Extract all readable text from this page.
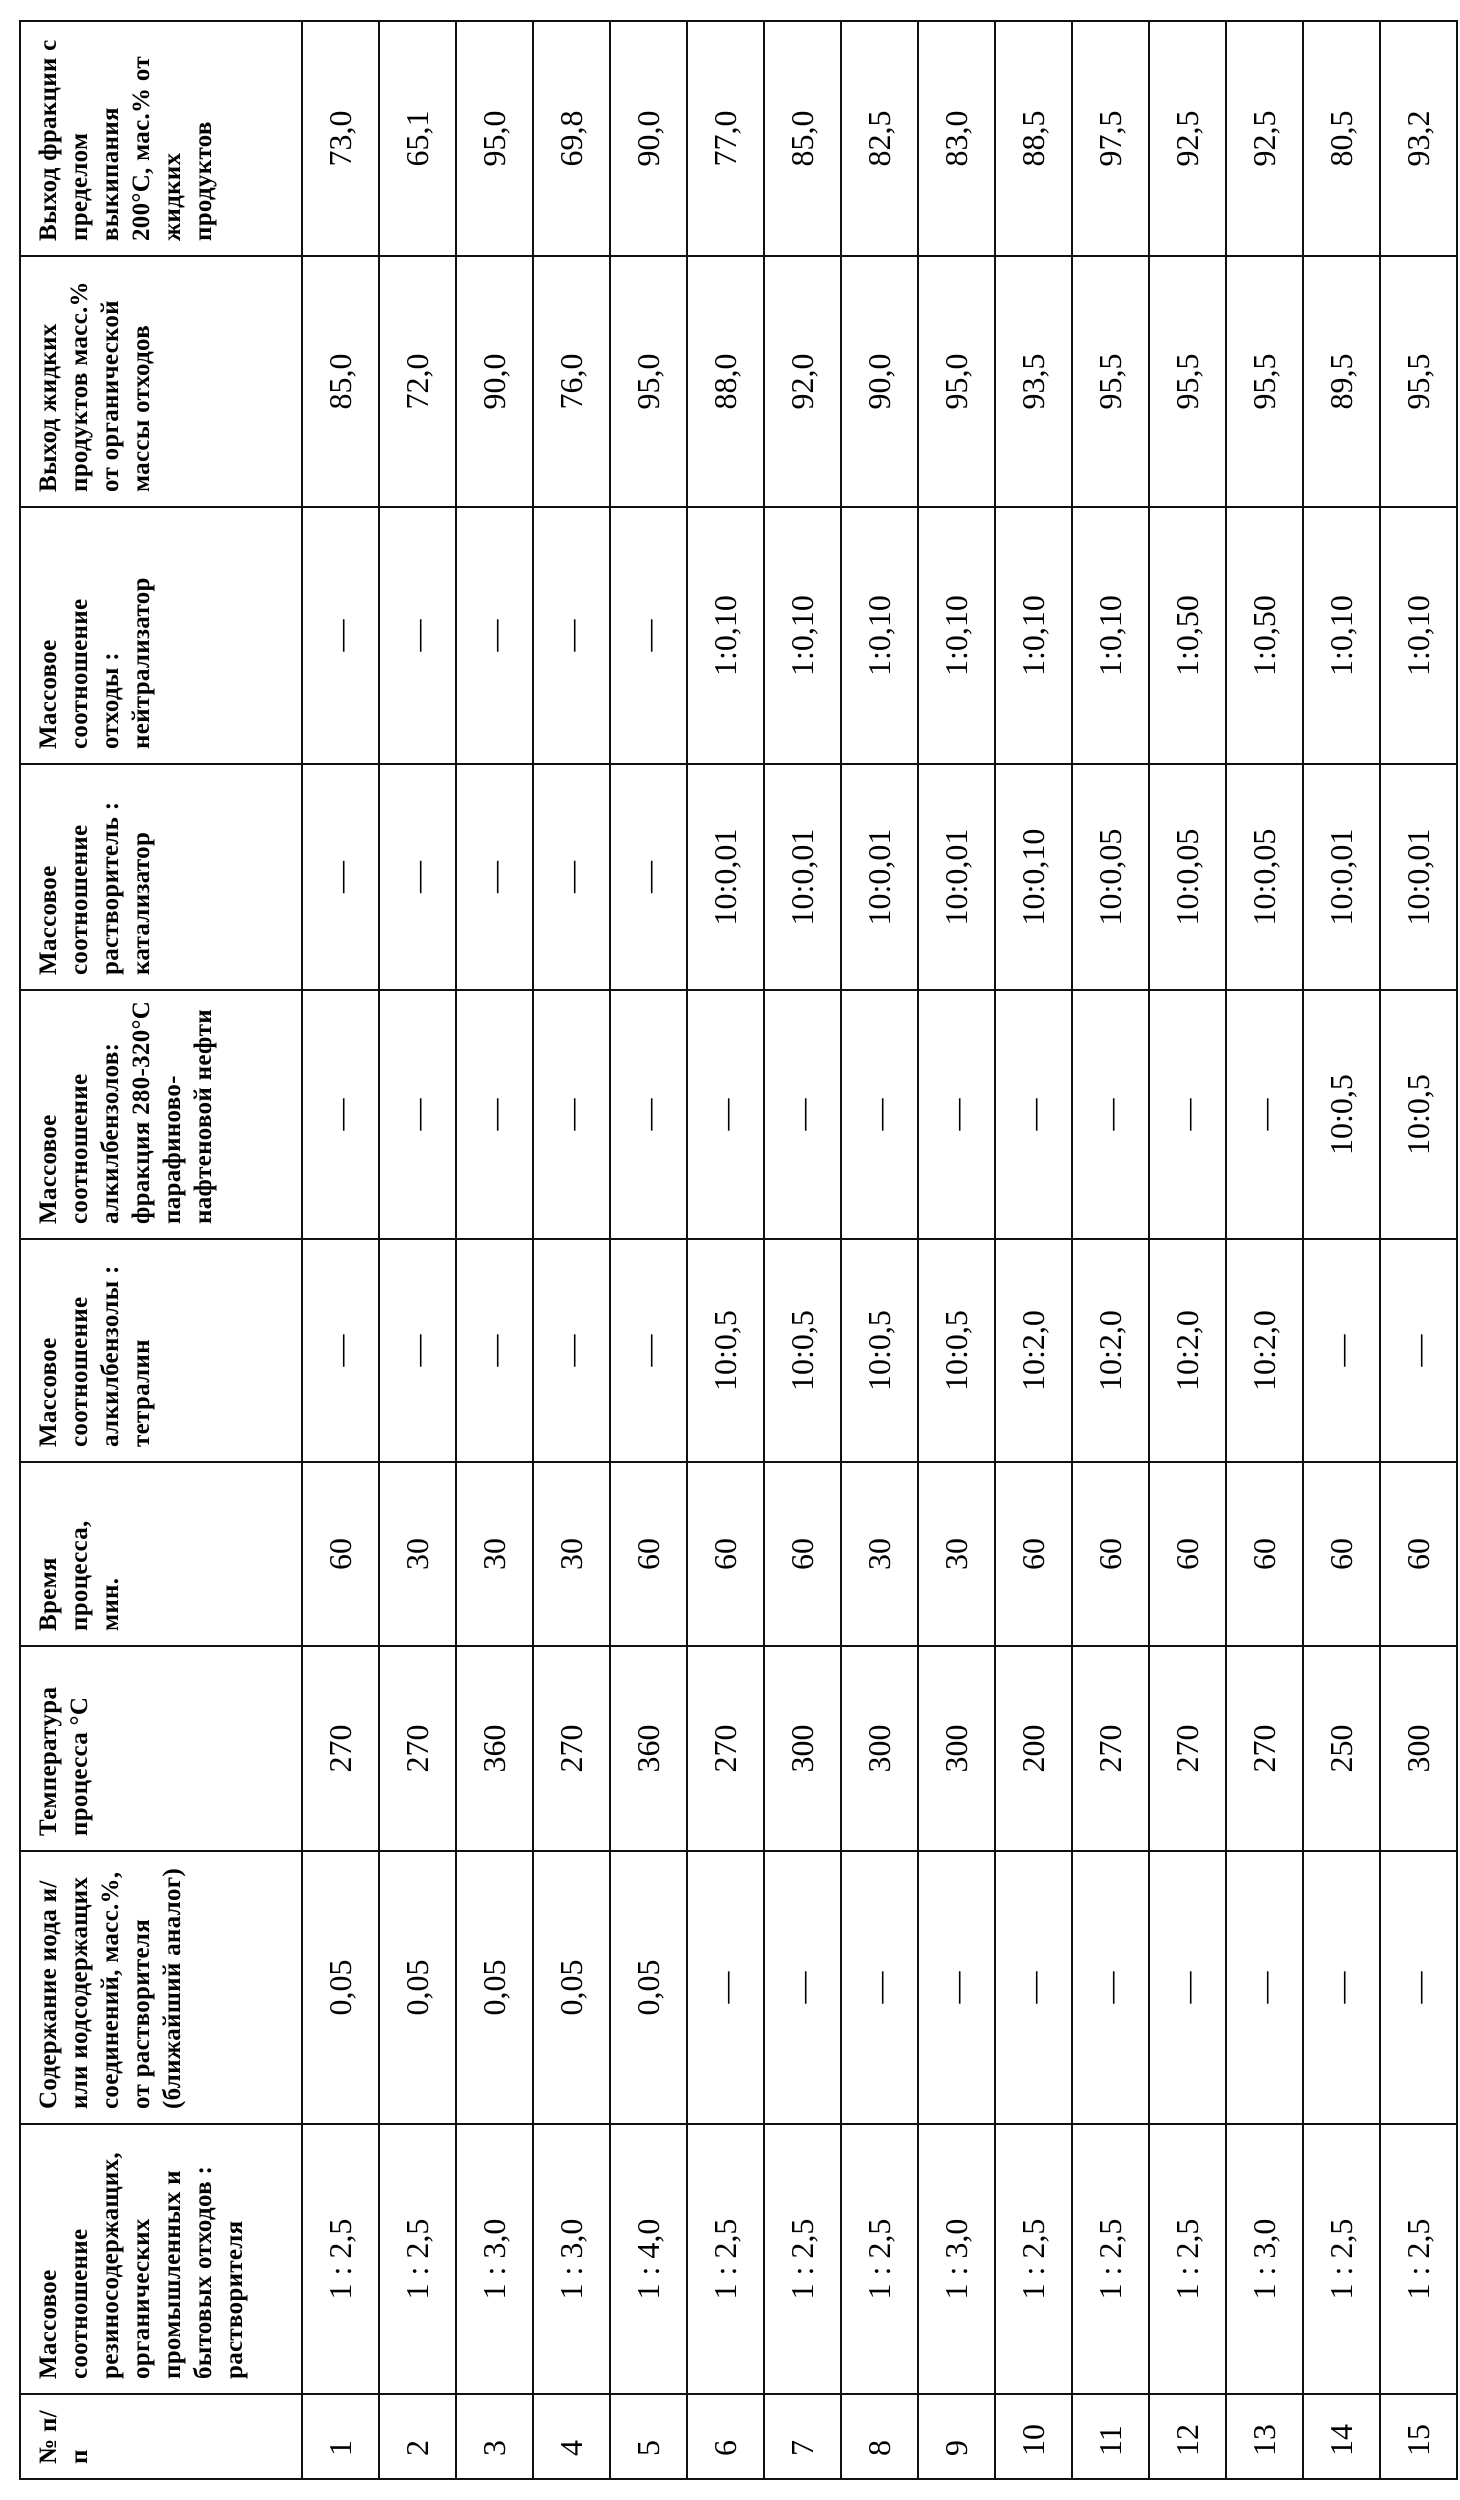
№ п/п	Массовое соотношение резиносодержащих, органических промышленных и бытовых отходов : растворителя	Содержание иода и/или иодсодержащих соединений, масс.%, от растворителя (ближайший аналог)	Температура процесса °С	Время процесса, мин.	Массовое соотношение алкилбензолы : тетралин	Массовое соотношение алкилбензолов: фракция 280-320°С парафиново-нафтеновой нефти	Массовое соотношение растворитель : катализатор	Массовое соотношение отходы : нейтрализатор	Выход жидких продуктов масс.% от органической массы отходов	Выход фракции с пределом выкипания 200°С, мас.% от жидких продуктов
1	1 : 2,5	0,05	270	60	—	—	—	—	85,0	73,0
2	1 : 2,5	0,05	270	30	—	—	—	—	72,0	65,1
3	1 : 3,0	0,05	360	30	—	—	—	—	90,0	95,0
4	1 : 3,0	0,05	270	30	—	—	—	—	76,0	69,8
5	1 : 4,0	0,05	360	60	—	—	—	—	95,0	90,0
6	1 : 2,5	—	270	60	10:0,5	—	10:0,01	1:0,10	88,0	77,0
7	1 : 2,5	—	300	60	10:0,5	—	10:0,01	1:0,10	92,0	85,0
8	1 : 2,5	—	300	30	10:0,5	—	10:0,01	1:0,10	90,0	82,5
9	1 : 3,0	—	300	30	10:0,5	—	10:0,01	1:0,10	95,0	83,0
10	1 : 2,5	—	200	60	10:2,0	—	10:0,10	1:0,10	93,5	88,5
11	1 : 2,5	—	270	60	10:2,0	—	10:0,05	1:0,10	95,5	97,5
12	1 : 2,5	—	270	60	10:2,0	—	10:0,05	1:0,50	95,5	92,5
13	1 : 3,0	—	270	60	10:2,0	—	10:0,05	1:0,50	95,5	92,5
14	1 : 2,5	—	250	60	—	10:0,5	10:0,01	1:0,10	89,5	80,5
15	1 : 2,5	—	300	60	—	10:0,5	10:0,01	1:0,10	95,5	93,2
